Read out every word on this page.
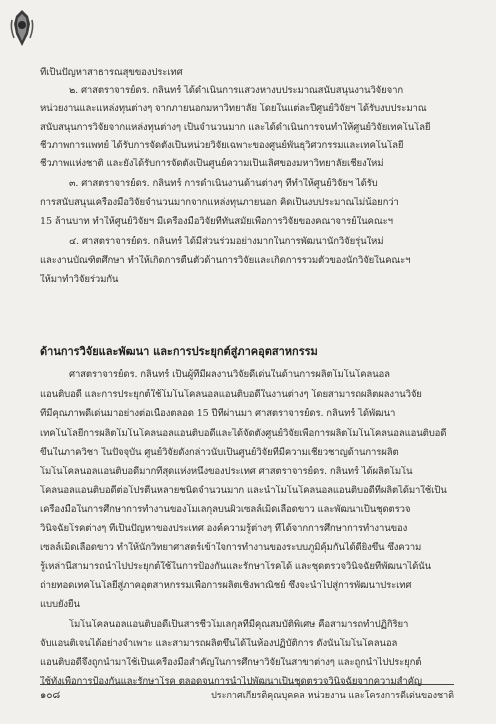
ที่เป็นปัญหาสาธารณสุขของประเทศ
๒. ศาสตราจารย์ดร. กลินทร์ ได้ดำเนินการแสวงหางบประมาณสนับสนุนงานวิจัยจาก
หน่วยงานและแหล่งทุนต่างๆ จากภายนอกมหาวิทยาลัย โดยในแต่ละปีศูนย์วิจัยฯ ได้รับงบประมาณ
สนับสนุนการวิจัยจากแหล่งทุนต่างๆ เป็นจำนวนมาก และได้ดำเนินการจนทำให้ศูนย์วิจัยเทคโนโลยี
ชีวภาพการแพทย์ ได้รับการจัดตั้งเป็นหน่วยวิจัยเฉพาะของศูนย์พันธุวิศวกรรมและเทคโนโลยี
ชีวภาพแห่งชาติ และยังได้รับการจัดตั้งเป็นศูนย์ความเป็นเลิศของมหาวิทยาลัยเชียงใหม่
๓. ศาสตราจารย์ดร. กลินทร์ การดำเนินงานด้านต่างๆ ที่ทำให้ศูนย์วิจัยฯ ได้รับ
การสนับสนุนเครื่องมือวิจัยจำนวนมากจากแหล่งทุนภายนอก คิดเป็นงบประมาณไม่น้อยกว่า
15 ล้านบาท ทำให้ศูนย์วิจัยฯ มีเครื่องมือวิจัยที่ทันสมัยเพื่อการวิจัยของคณาจารย์ในคณะฯ
๔. ศาสตราจารย์ดร. กลินทร์ ได้มีส่วนร่วมอย่างมากในการพัฒนานักวิจัยรุ่นใหม่
และงานบัณฑิตศึกษา ทำให้เกิดการตื่นตัวด้านการวิจัยและเกิดการรวมตัวของนักวิจัยในคณะฯ
ให้มาทำวิจัยร่วมกัน
ด้านการวิจัยและพัฒนา และการประยุกต์สู่ภาคอุตสาหกรรม
ศาสตราจารย์ดร. กลินทร์ เป็นผู้ที่มีผลงานวิจัยดีเด่นในด้านการผลิตโมโนโคลนอล
แอนติบอดี และการประยุกต์ใช้โมโนโคลนอลแอนติบอดีในงานต่างๆ โดยสามารถผลิตผลงานวิจัย
ที่มีคุณภาพดีเด่นมาอย่างต่อเนื่องตลอด 15 ปีที่ผ่านมา ศาสตราจารย์ดร. กลินทร์ ได้พัฒนา
เทคโนโลยีการผลิตโมโนโคลนอลแอนติบอดีและได้จัดตั้งศูนย์วิจัยเพื่อการผลิตโมโนโคลนอลแอนติบอดี
ขึ้นในภาควิชา ในปัจจุบัน ศูนย์วิจัยดังกล่าวนับเป็นศูนย์วิจัยที่มีความเชี่ยวชาญด้านการผลิต
โมโนโคลนอลแอนติบอดีมากที่สุดแห่งหนึ่งของประเทศ ศาสตราจารย์ดร. กลินทร์ ได้ผลิตโมโน
โคลนอลแอนติบอดีต่อโปรตีนหลายชนิดจำนวนมาก และนำโมโนโคลนอลแอนติบอดีที่ผลิตได้มาใช้เป็น
เครื่องมือในการศึกษาการทำงานของโมเลกุลบนผิวเซลล์เม็ดเลือดขาว และพัฒนาเป็นชุดตรวจ
วินิจฉัยโรคต่างๆ ที่เป็นปัญหาของประเทศ องค์ความรู้ต่างๆ ที่ได้จากการศึกษาการทำงานของ
เซลล์เม็ดเลือดขาว ทำให้นักวิทยาศาสตร์เข้าใจการทำงานของระบบภูมิคุ้มกันได้ดียิ่งขึ้น ซึ่งความ
รู้เหล่านี้สามารถนำไปประยุกต์ใช้ในการป้องกันและรักษาโรคได้ และชุดตรวจวินิจฉัยที่พัฒนาได้นั้น
ถ่ายทอดเทคโนโลยีสู่ภาคอุตสาหกรรมเพื่อการผลิตเชิงพาณิชย์ ซึ่งจะนำไปสู่การพัฒนาประเทศ
แบบยั่งยืน
โมโนโคลนอลแอนติบอดีเป็นสารชีวโมเลกุลที่มีคุณสมบัติพิเศษ คือสามารถทำปฏิกิริยา
จับแอนติเจนได้อย่างจำเพาะ และสามารถผลิตขึ้นได้ในห้องปฏิบัติการ ดังนั้นโมโนโคลนอล
แอนติบอดีจึงถูกนำมาใช้เป็นเครื่องมือสำคัญในการศึกษาวิจัยในสาขาต่างๆ และถูกนำไปประยุกต์
ใช้ทั้งเพื่อการป้องกันและรักษาโรค ตลอดจนการนำไปพัฒนาเป็นชุดตรวจวินิจฉัยจากความสำคัญ
๑๐๘	ประกาศเกียรติคุณบุคคล หน่วยงาน และโครงการดีเด่นของชาติ
